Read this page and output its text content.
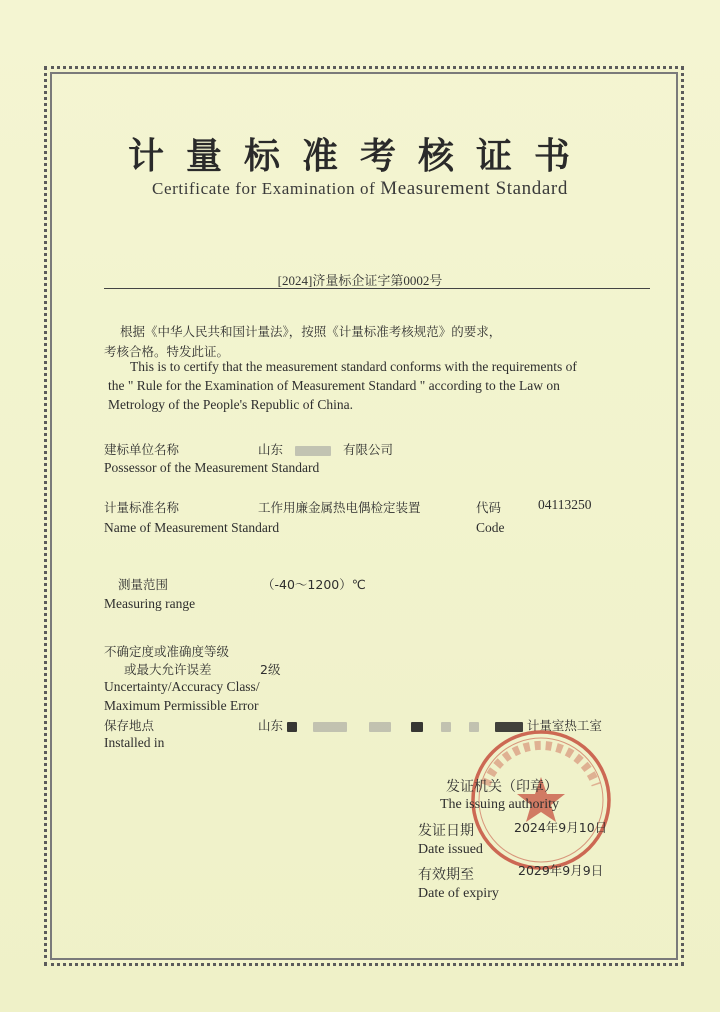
计量标准考核证书
Certificate for Examination of Measurement Standard
[2024]济量标企证字第0002号
根据《中华人民共和国计量法》，按照《计量标准考核规范》的要求，
考核合格。特发此证。
This is to certify that the measurement standard conforms with the requirements of
the " Rule for the Examination of Measurement Standard " according to the Law on
Metrology of the People's Republic of China.
建标单位名称	山东	有限公司
Possessor of the Measurement Standard
计量标准名称	工作用廉金属热电偶检定装置	代码	04113250
Name of Measurement Standard	Code
测量范围	（-40～1200）℃
Measuring range
不确定度或准确度等级
或最大允许误差	2级
Uncertainty/Accuracy Class/
Maximum Permissible Error
保存地点	山东	计量室热工室
Installed in
发证机关（印章）
The issuing authority
发证日期	2024年9月10日
Date issued
有效期至	2029年9月9日
Date of expiry
